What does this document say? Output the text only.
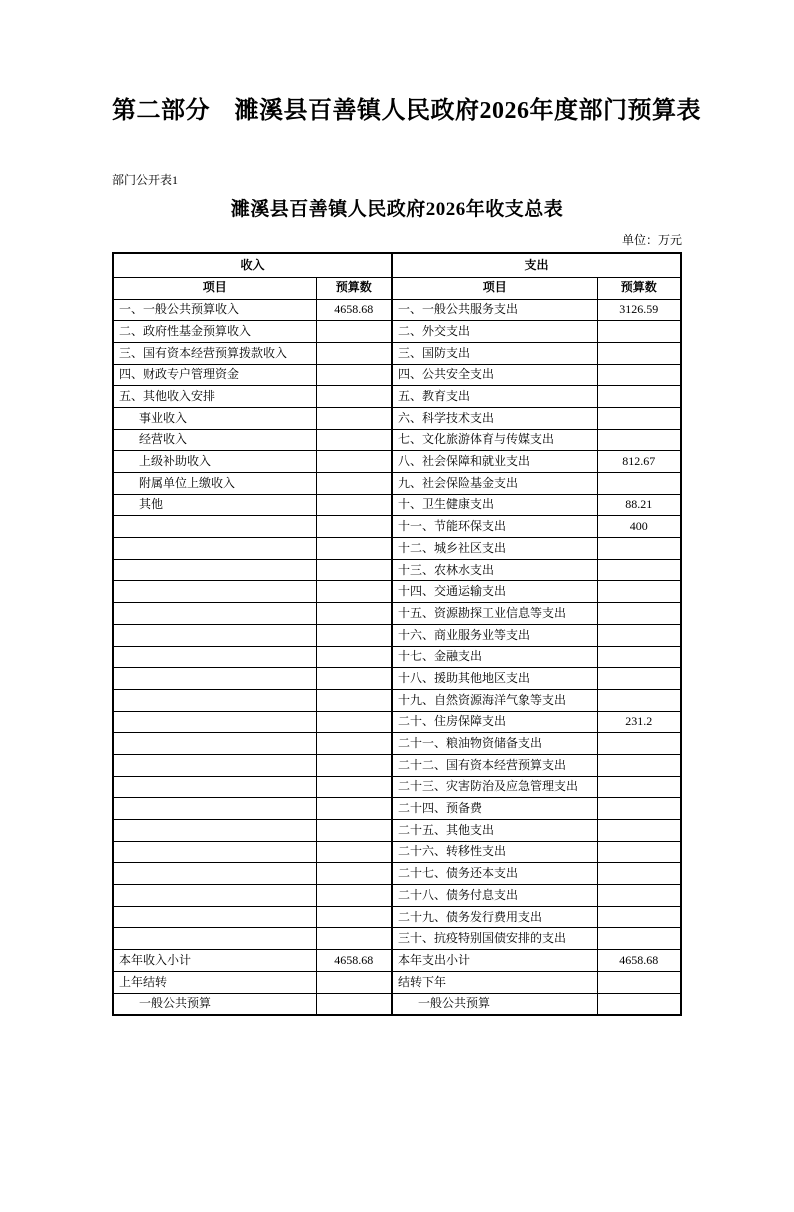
第二部分　濉溪县百善镇人民政府2026年度部门预算表
部门公开表1
濉溪县百善镇人民政府2026年收支总表
单位：万元
收入		支出	
项目	预算数	项目	预算数
一、一般公共预算收入	4658.68	一、一般公共服务支出	3126.59
二、政府性基金预算收入		二、外交支出	
三、国有资本经营预算拨款收入		三、国防支出	
四、财政专户管理资金		四、公共安全支出	
五、其他收入安排		五、教育支出	
事业收入		六、科学技术支出	
经营收入		七、文化旅游体育与传媒支出	
上级补助收入		八、社会保障和就业支出	812.67
附属单位上缴收入		九、社会保险基金支出	
其他		十、卫生健康支出	88.21
		十一、节能环保支出	400
		十二、城乡社区支出	
		十三、农林水支出	
		十四、交通运输支出	
		十五、资源勘探工业信息等支出	
		十六、商业服务业等支出	
		十七、金融支出	
		十八、援助其他地区支出	
		十九、自然资源海洋气象等支出	
		二十、住房保障支出	231.2
		二十一、粮油物资储备支出	
		二十二、国有资本经营预算支出	
		二十三、灾害防治及应急管理支出	
		二十四、预备费	
		二十五、其他支出	
		二十六、转移性支出	
		二十七、债务还本支出	
		二十八、债务付息支出	
		二十九、债务发行费用支出	
		三十、抗疫特别国债安排的支出	
本年收入小计	4658.68	本年支出小计	4658.68
上年结转		结转下年	
一般公共预算		一般公共预算	
